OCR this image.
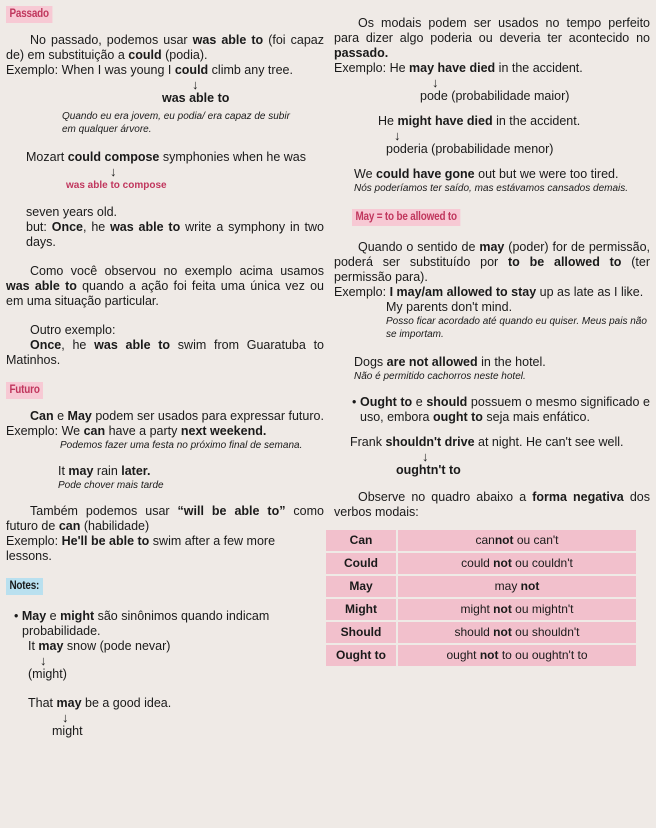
Passado

No passado, podemos usar was able to (foi capaz de) em substituição a could (podia).

Exemplo: When I was young I could climb any tree.

↓

was able to

Quando eu era jovem, eu podia/ era capaz de subir em qualquer árvore.

Mozart could compose symphonies when he was

↓

was able to compose

seven years old.

but: Once, he was able to write a symphony in two days.

Como você observou no exemplo acima usamos was able to quando a ação foi feita uma única vez ou em uma situação particular.

Outro exemplo:

Once, he was able to swim from Guaratuba to Matinhos.

Futuro

Can e May podem ser usados para expressar futuro.

Exemplo: We can have a party next weekend.

Podemos fazer uma festa no próximo final de semana.

It may rain later.

Pode chover mais tarde

Também podemos usar “will be able to” como futuro de can (habilidade)

Exemplo: He'll be able to swim after a few more lessons.

Notes:

• May e might são sinônimos quando indicam probabilidade.

It may snow (pode nevar)

↓

(might)

That may be a good idea.

↓

might

Os modais podem ser usados no tempo perfeito para dizer algo poderia ou deveria ter acontecido no passado.

Exemplo: He may have died in the accident.

↓

pode (probabilidade maior)

He might have died in the accident.

↓

poderia (probabilidade menor)

We could have gone out but we were too tired.

Nós poderíamos ter saído, mas estávamos cansados demais.

May = to be allowed to

Quando o sentido de may (poder) for de permissão, poderá ser substituído por to be allowed to (ter permissão para).

Exemplo: I may/am allowed to stay up as late as I like.

My parents don't mind.

Posso ficar acordado até quando eu quiser. Meus pais não se importam.

Dogs are not allowed in the hotel.

Não é permitido cachorros neste hotel.

• Ought to e should possuem o mesmo significado e uso, embora ought to seja mais enfático.

Frank shouldn't drive at night. He can't see well.

↓

oughtn't to

Observe no quadro abaixo a forma negativa dos verbos modais:

Can	cannot ou can't
Could	could not ou couldn't
May	may not
Might	might not ou mightn't
Should	should not ou shouldn't
Ought to	ought not to ou oughtn't to
